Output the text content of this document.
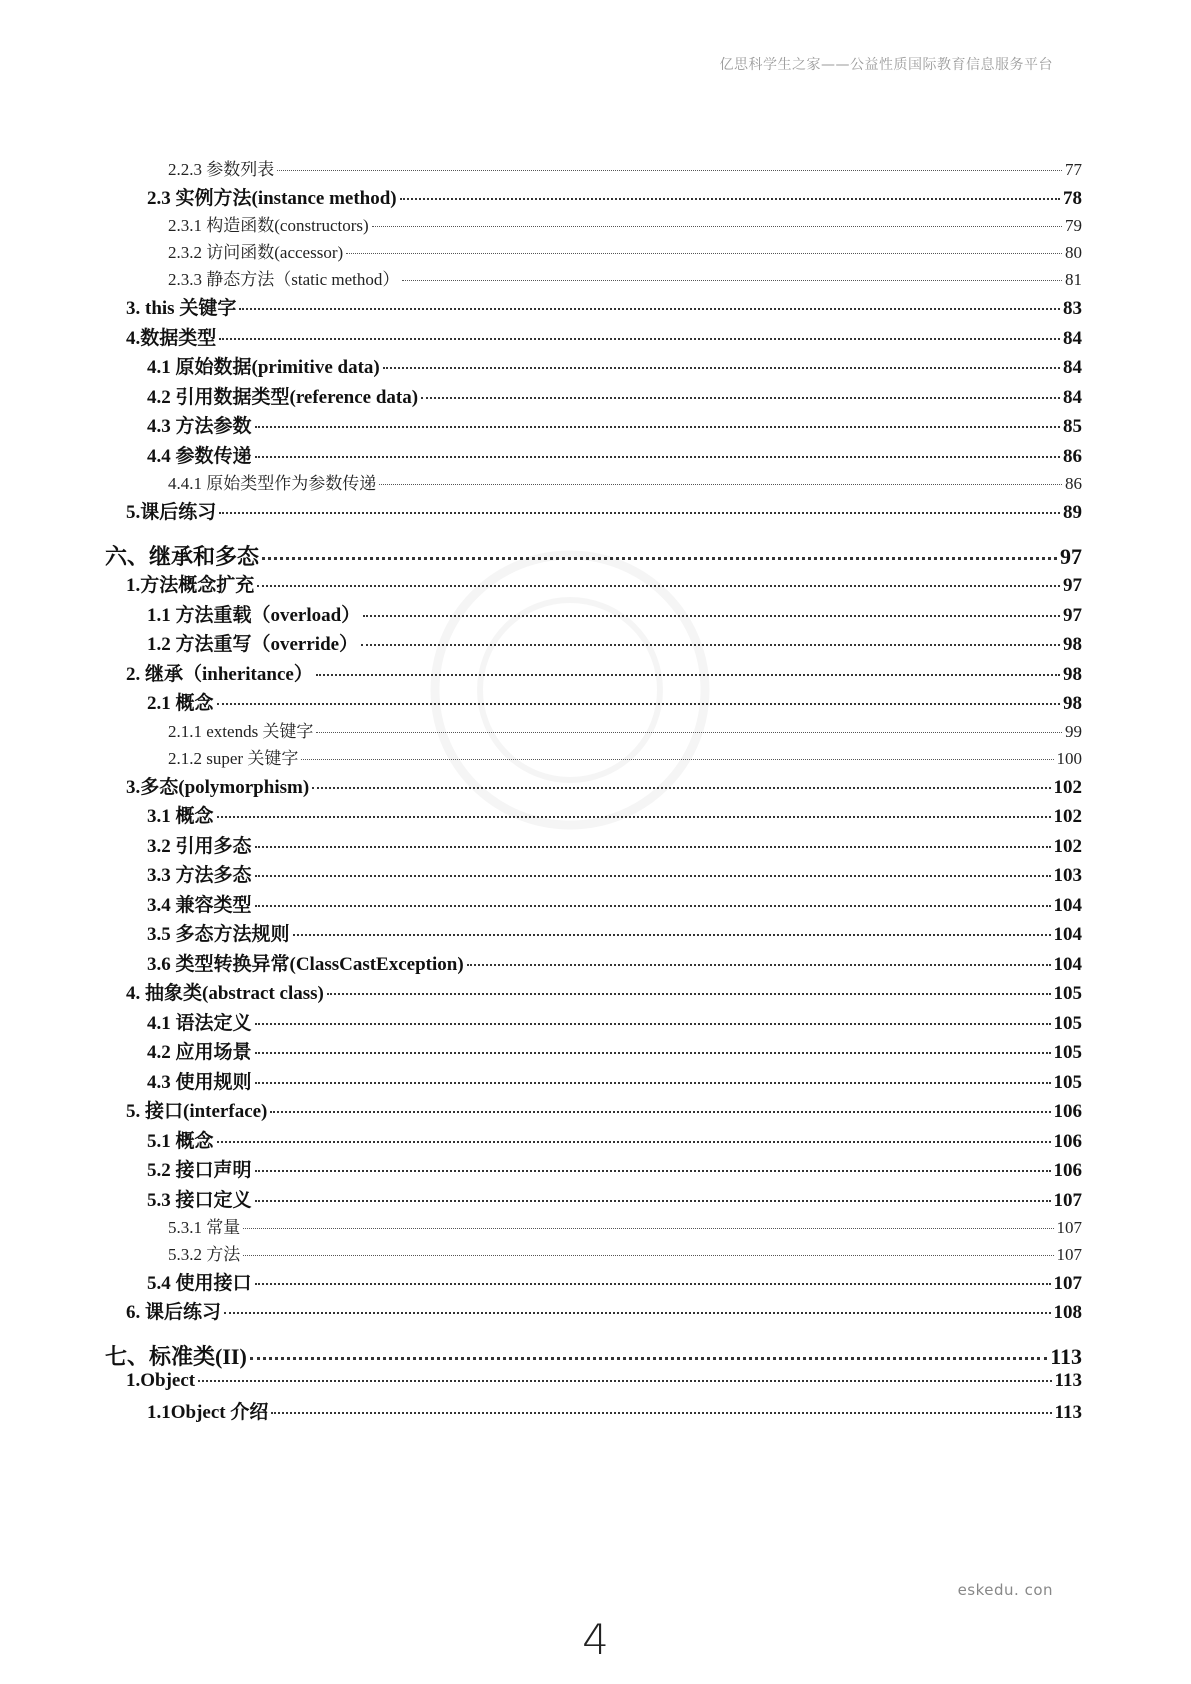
亿思科学生之家——公益性质国际教育信息服务平台
2.2.3 参数列表	77
2.3 实例方法(instance method)	78
2.3.1 构造函数(constructors)	79
2.3.2 访问函数(accessor)	80
2.3.3 静态方法（static method）	81
3. this 关键字	83
4.数据类型	84
4.1 原始数据(primitive data)	84
4.2 引用数据类型(reference data)	84
4.3 方法参数	85
4.4 参数传递	86
4.4.1 原始类型作为参数传递	86
5.课后练习	89
六、继承和多态	97
1.方法概念扩充	97
1.1 方法重载（overload）	97
1.2 方法重写（override）	98
2. 继承（inheritance）	98
2.1 概念	98
2.1.1 extends 关键字	99
2.1.2 super 关键字	100
3.多态(polymorphism)	102
3.1 概念	102
3.2 引用多态	102
3.3 方法多态	103
3.4 兼容类型	104
3.5 多态方法规则	104
3.6 类型转换异常(ClassCastException)	104
4. 抽象类(abstract class)	105
4.1 语法定义	105
4.2 应用场景	105
4.3 使用规则	105
5. 接口(interface)	106
5.1 概念	106
5.2 接口声明	106
5.3 接口定义	107
5.3.1 常量	107
5.3.2 方法	107
5.4 使用接口	107
6. 课后练习	108
七、标准类(II)	113
1.Object	113
1.1Object 介绍	113
eskedu. con
4
